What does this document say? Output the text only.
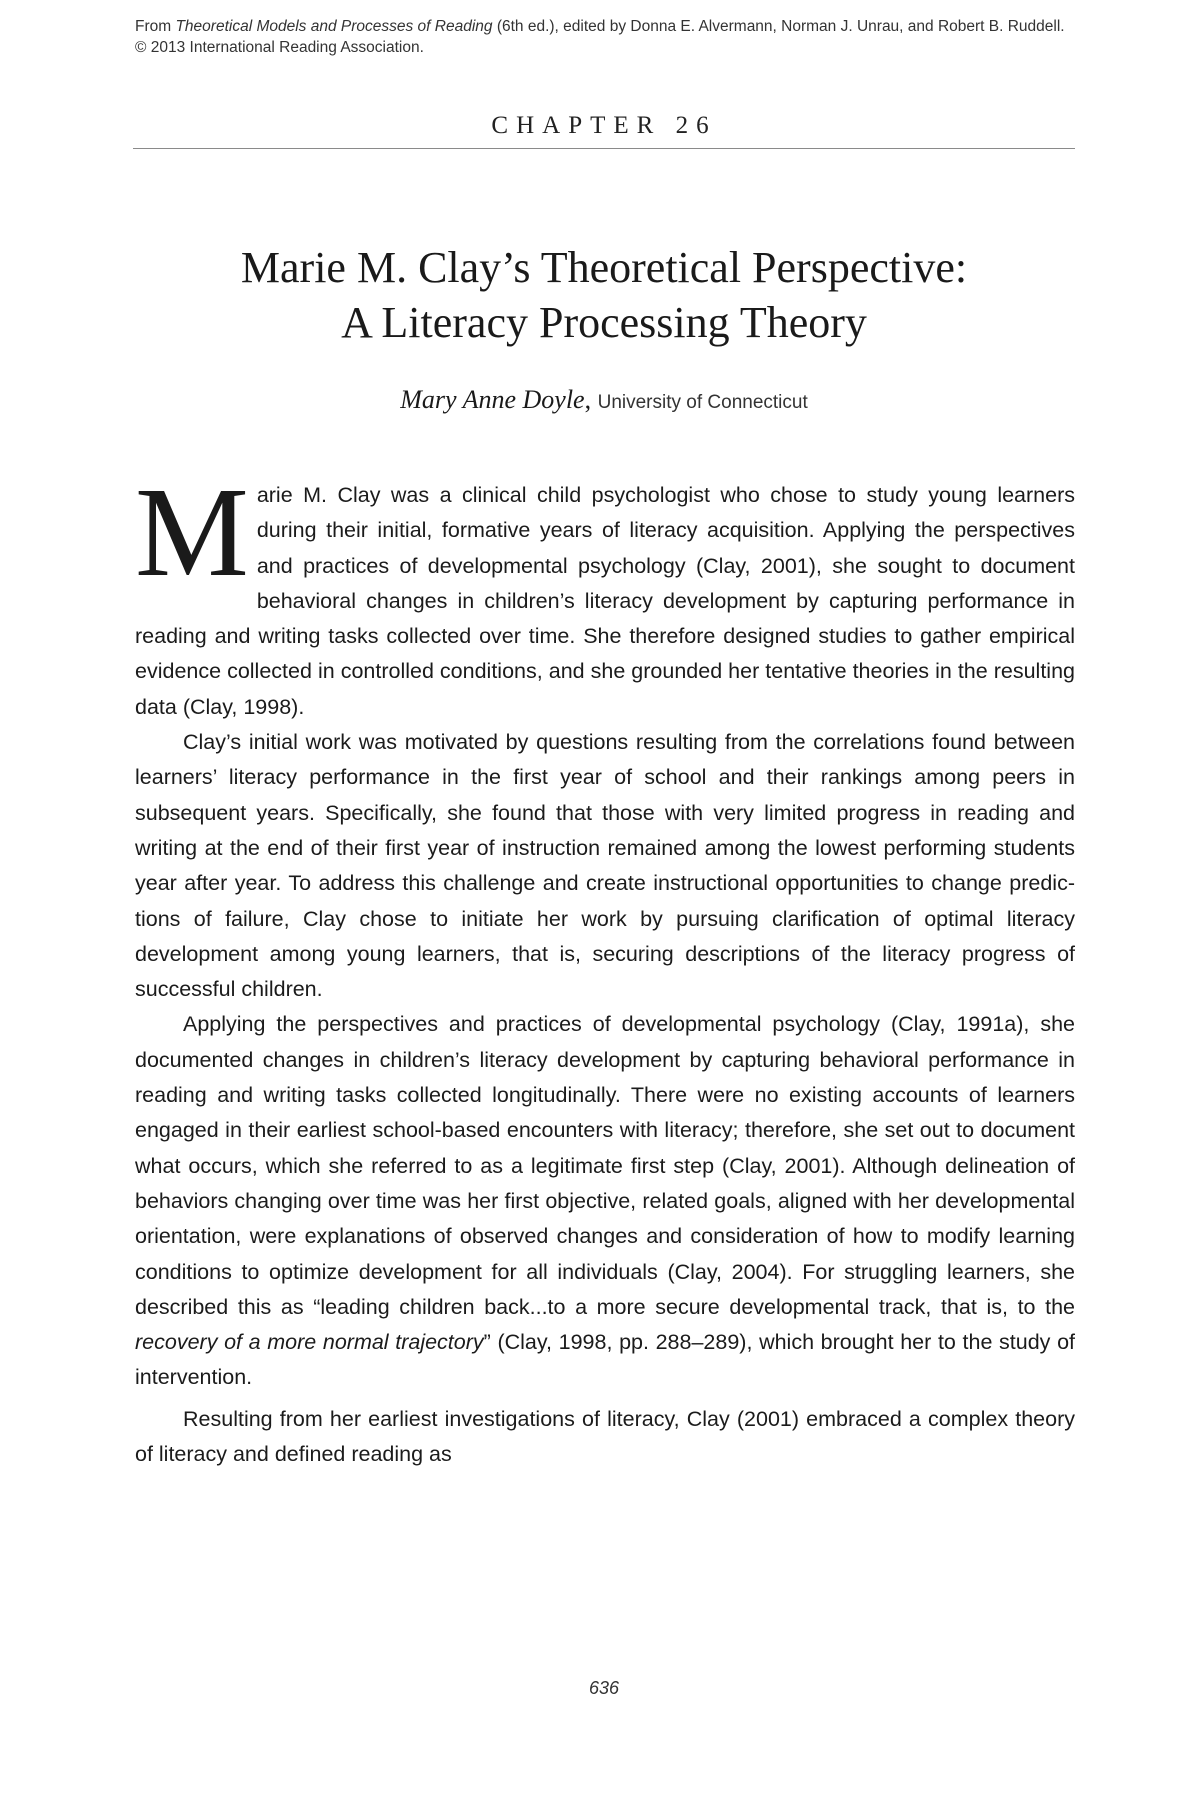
From Theoretical Models and Processes of Reading (6th ed.), edited by Donna E. Alvermann, Norman J. Unrau, and Robert B. Ruddell. © 2013 International Reading Association.
CHAPTER 26
Marie M. Clay’s Theoretical Perspective:
A Literacy Processing Theory
Mary Anne Doyle, University of Connecticut

Marie M. Clay was a clinical child psychologist who chose to study young learners during their initial, formative years of literacy acquisition. Applying the perspectives and practices of developmental psychology (Clay, 2001), she sought to document behavioral changes in children’s literacy development by capturing performance in reading and writing tasks collected over time. She therefore designed studies to gather empirical evidence collected in controlled conditions, and she grounded her tentative theories in the resulting data (Clay, 1998).

Clay’s initial work was motivated by questions resulting from the correlations found between learners’ literacy performance in the first year of school and their rankings among peers in subsequent years. Specifically, she found that those with very limited progress in reading and writing at the end of their first year of instruction remained among the lowest performing students year after year. To address this challenge and create instructional opportunities to change predictions of failure, Clay chose to initiate her work by pursuing clarification of optimal literacy development among young learners, that is, securing descriptions of the literacy progress of successful children.

Applying the perspectives and practices of developmental psychology (Clay, 1991a), she documented changes in children’s literacy development by capturing behavioral performance in reading and writing tasks collected longitudinally. There were no existing accounts of learners engaged in their earliest school-based encounters with literacy; therefore, she set out to document what occurs, which she referred to as a legitimate first step (Clay, 2001). Although delineation of behaviors changing over time was her first objective, related goals, aligned with her developmental orientation, were explanations of observed changes and consideration of how to modify learning conditions to optimize development for all individuals (Clay, 2004). For struggling learners, she described this as “leading children back...to a more secure developmental track, that is, to the recovery of a more normal trajectory” (Clay, 1998, pp. 288–289), which brought her to the study of intervention.

Resulting from her earliest investigations of literacy, Clay (2001) embraced a complex theory of literacy and defined reading as

636
